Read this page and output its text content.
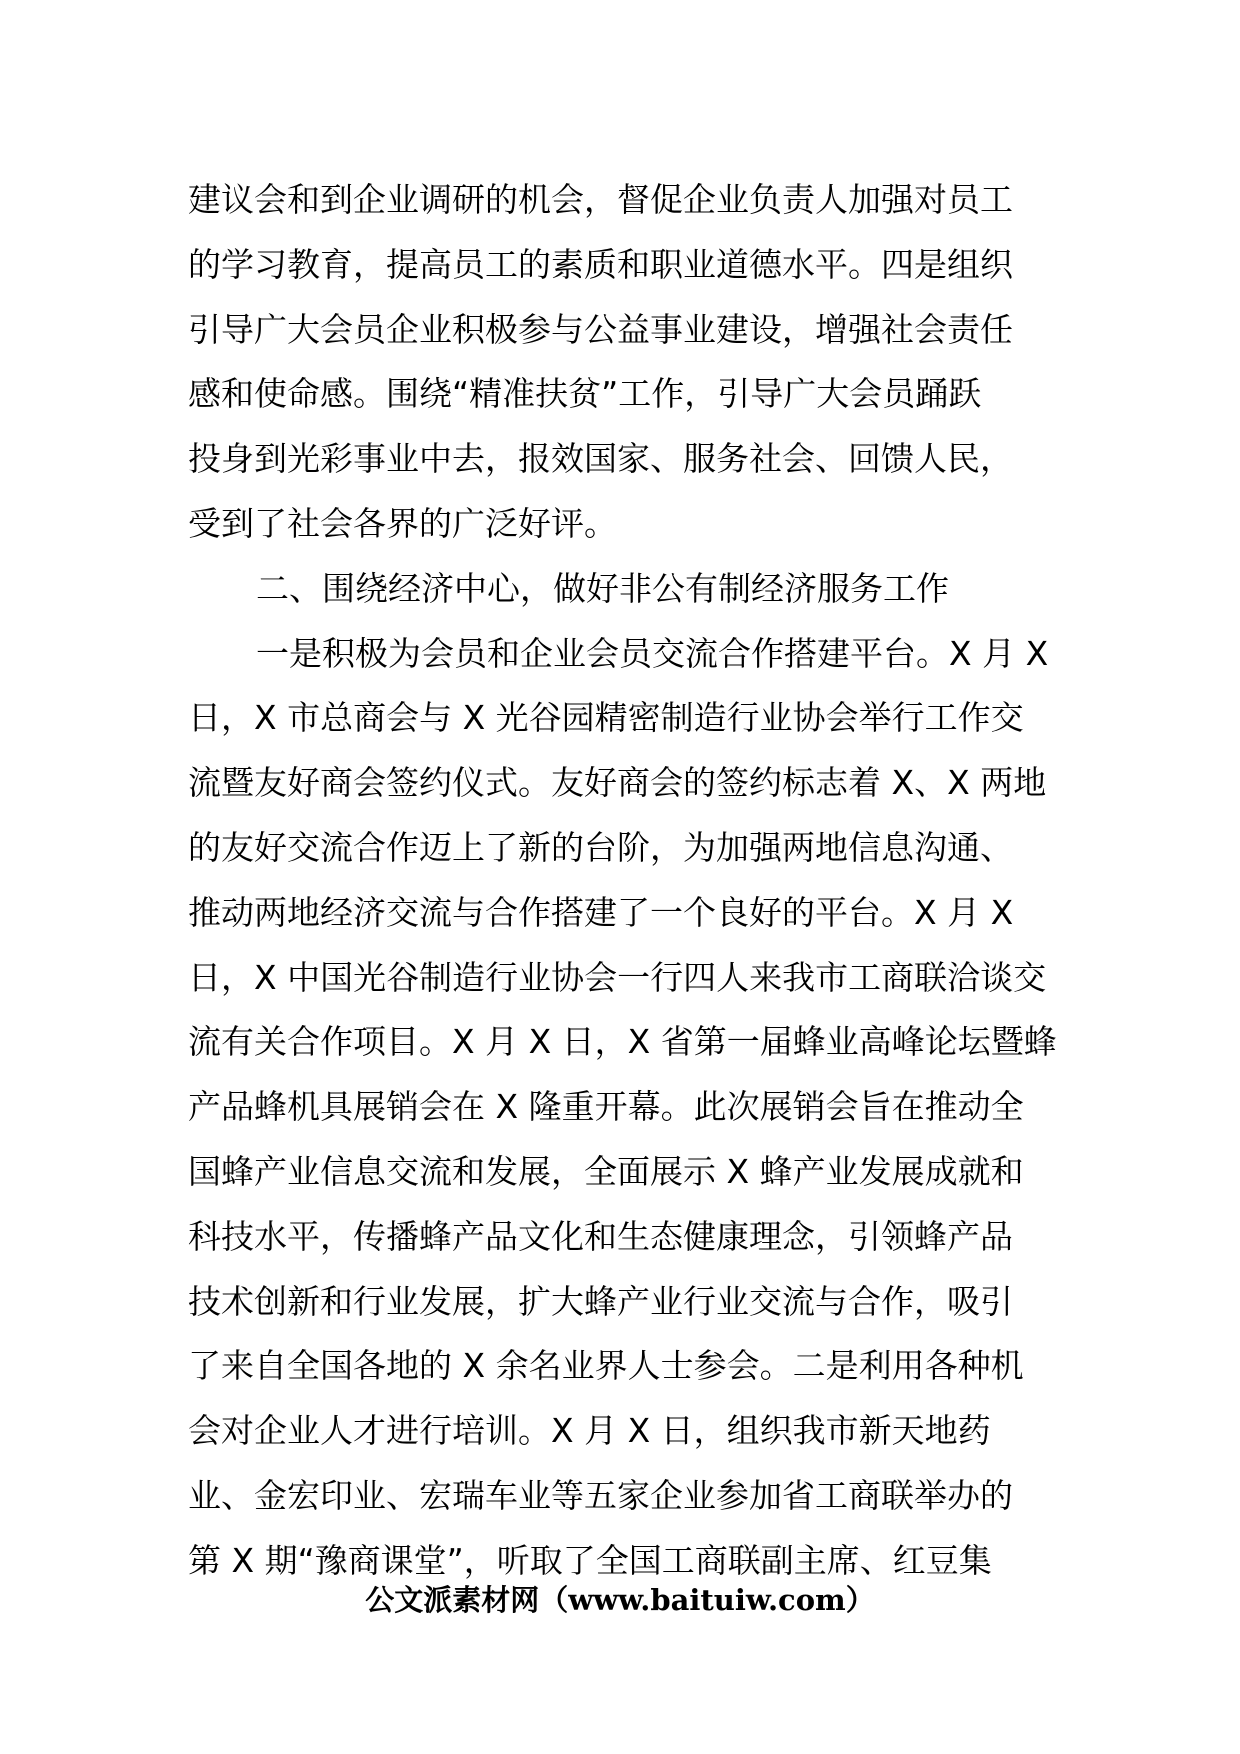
建议会和到企业调研的机会，督促企业负责人加强对员工
的学习教育，提高员工的素质和职业道德水平。四是组织
引导广大会员企业积极参与公益事业建设，增强社会责任
感和使命感。围绕“精准扶贫”工作，引导广大会员踊跃
投身到光彩事业中去，报效国家、服务社会、回馈人民，
受到了社会各界的广泛好评。
二、围绕经济中心，做好非公有制经济服务工作
一是积极为会员和企业会员交流合作搭建平台。X 月 X
日，X 市总商会与 X 光谷园精密制造行业协会举行工作交
流暨友好商会签约仪式。友好商会的签约标志着 X、X 两地
的友好交流合作迈上了新的台阶，为加强两地信息沟通、
推动两地经济交流与合作搭建了一个良好的平台。X 月 X
日，X 中国光谷制造行业协会一行四人来我市工商联洽谈交
流有关合作项目。X 月 X 日，X 省第一届蜂业高峰论坛暨蜂
产品蜂机具展销会在 X 隆重开幕。此次展销会旨在推动全
国蜂产业信息交流和发展，全面展示 X 蜂产业发展成就和
科技水平，传播蜂产品文化和生态健康理念，引领蜂产品
技术创新和行业发展，扩大蜂产业行业交流与合作，吸引
了来自全国各地的 X 余名业界人士参会。二是利用各种机
会对企业人才进行培训。X 月 X 日，组织我市新天地药
业、金宏印业、宏瑞车业等五家企业参加省工商联举办的
第 X 期“豫商课堂”，听取了全国工商联副主席、红豆集
公文派素材网（www.baituiw.com）
